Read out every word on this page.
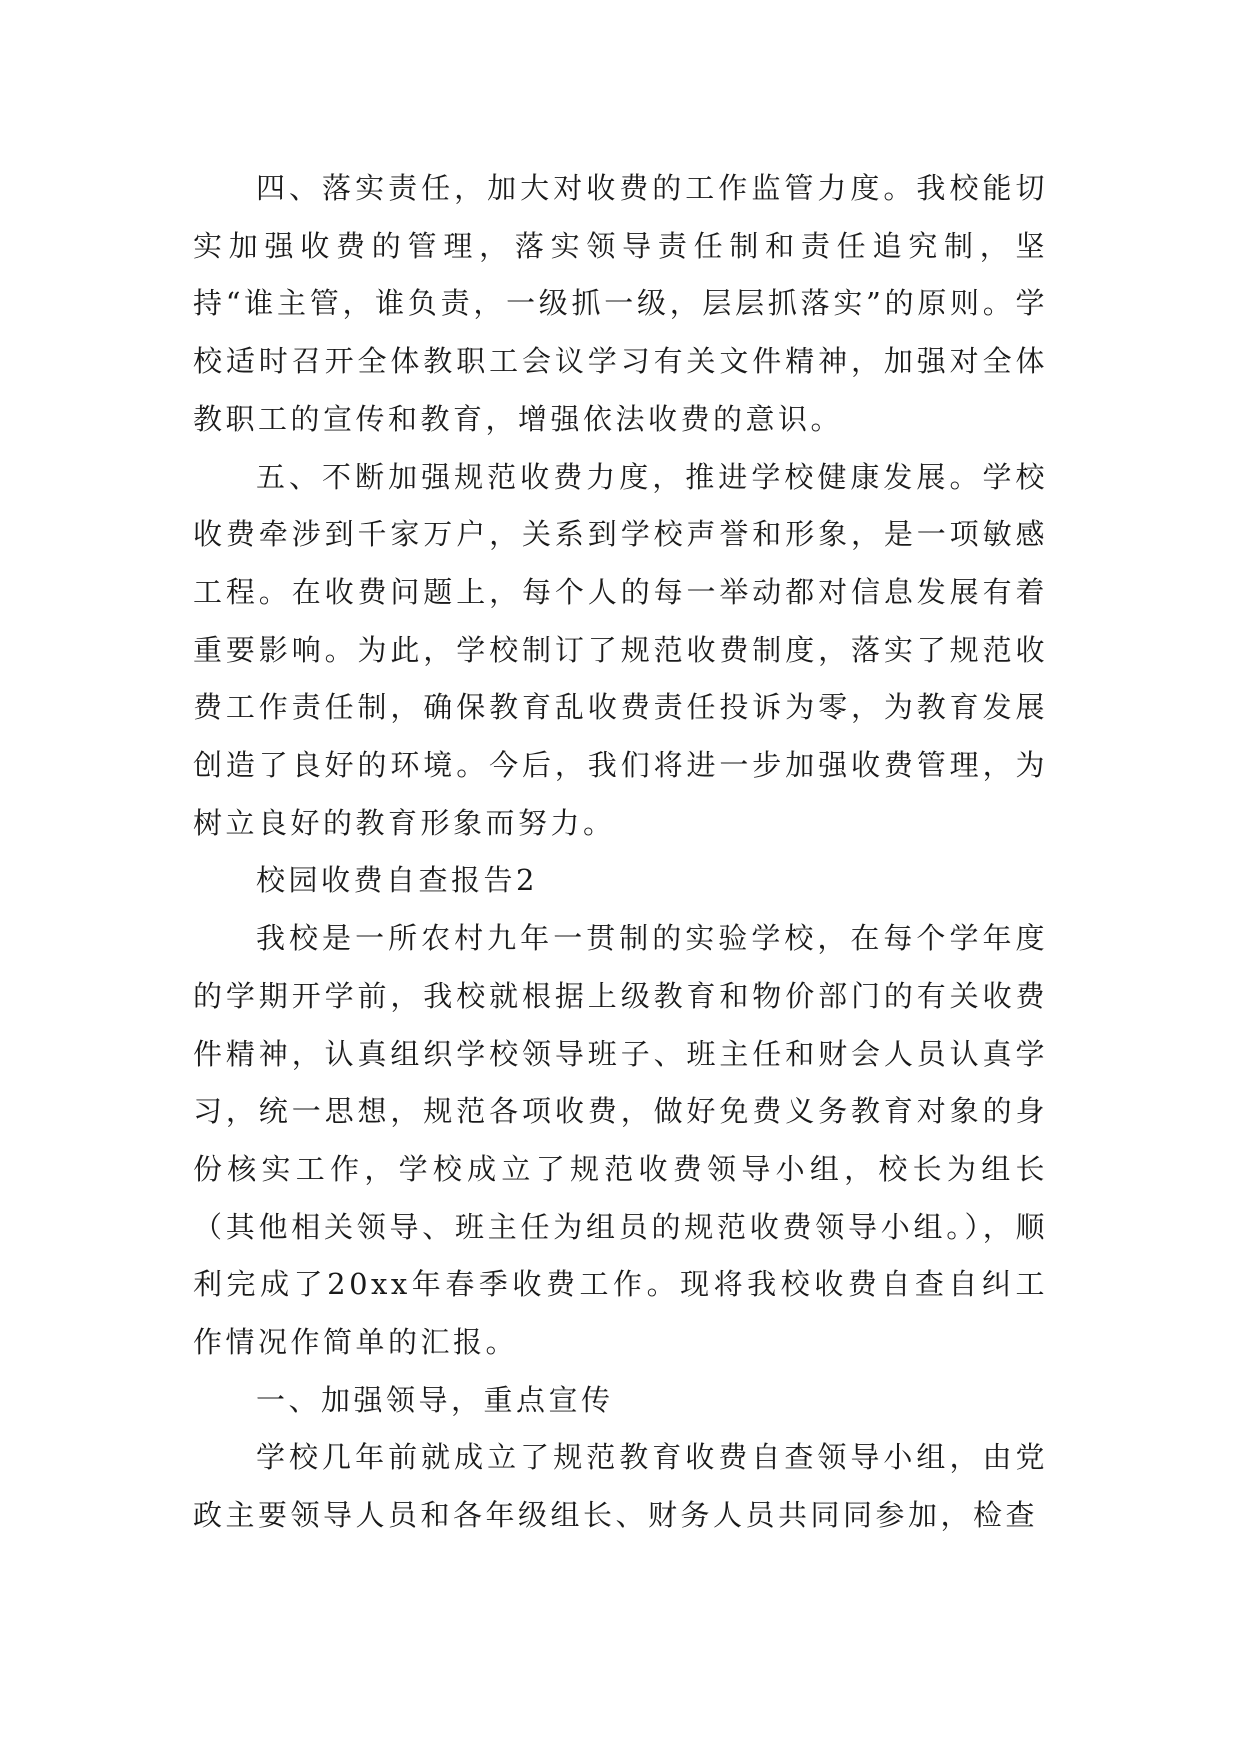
四、落实责任，加大对收费的工作监管力度。我校能切实加强收费的管理，落实领导责任制和责任追究制，坚持“谁主管，谁负责，一级抓一级，层层抓落实”的原则。学校适时召开全体教职工会议学习有关文件精神，加强对全体教职工的宣传和教育，增强依法收费的意识。

五、不断加强规范收费力度，推进学校健康发展。学校收费牵涉到千家万户，关系到学校声誉和形象，是一项敏感工程。在收费问题上，每个人的每一举动都对信息发展有着重要影响。为此，学校制订了规范收费制度，落实了规范收费工作责任制，确保教育乱收费责任投诉为零，为教育发展创造了良好的环境。今后，我们将进一步加强收费管理，为树立良好的教育形象而努力。

校园收费自查报告2

我校是一所农村九年一贯制的实验学校，在每个学年度的学期开学前，我校就根据上级教育和物价部门的有关收费件精神，认真组织学校领导班子、班主任和财会人员认真学习，统一思想，规范各项收费，做好免费义务教育对象的身份核实工作，学校成立了规范收费领导小组，校长为组长（其他相关领导、班主任为组员的规范收费领导小组。），顺利完成了20xx年春季收费工作。现将我校收费自查自纠工作情况作简单的汇报。

一、加强领导，重点宣传

学校几年前就成立了规范教育收费自查领导小组，由党政主要领导人员和各年级组长、财务人员共同同参加，检查
